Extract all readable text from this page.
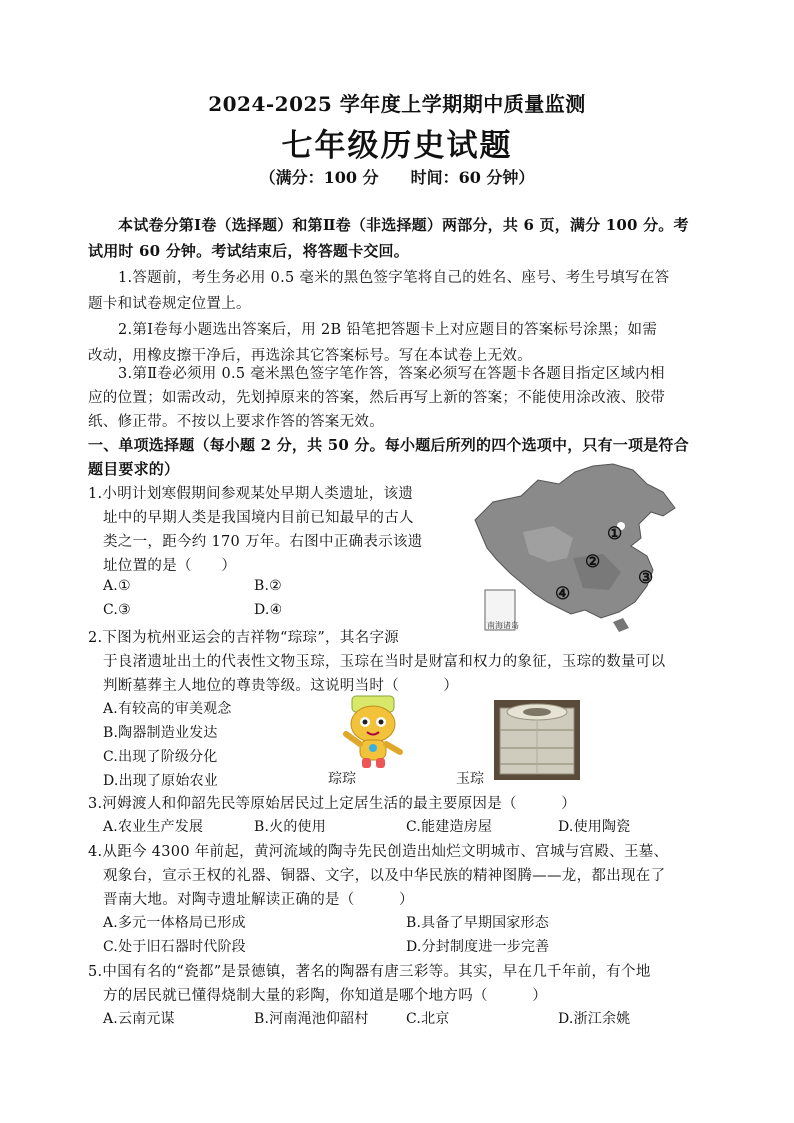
2024-2025 学年度上学期期中质量监测
七年级历史试题
（满分：100 分　　时间：60 分钟）
本试卷分第Ⅰ卷（选择题）和第Ⅱ卷（非选择题）两部分，共 6 页，满分 100 分。考
试用时 60 分钟。考试结束后，将答题卡交回。
1.答题前，考生务必用 0.5 毫米的黑色签字笔将自己的姓名、座号、考生号填写在答
题卡和试卷规定位置上。
2.第Ⅰ卷每小题选出答案后，用 2B 铅笔把答题卡上对应题目的答案标号涂黑；如需
改动，用橡皮擦干净后，再选涂其它答案标号。写在本试卷上无效。
3.第Ⅱ卷必须用 0.5 毫米黑色签字笔作答，答案必须写在答题卡各题目指定区域内相
应的位置；如需改动，先划掉原来的答案，然后再写上新的答案；不能使用涂改液、胶带
纸、修正带。不按以上要求作答的答案无效。
一、单项选择题（每小题 2 分，共 50 分。每小题后所列的四个选项中，只有一项是符合
题目要求的）
1.小明计划寒假期间参观某处早期人类遗址，该遗
址中的早期人类是我国境内目前已知最早的古人
类之一，距今约 170 万年。右图中正确表示该遗
址位置的是（　　）
A.①	B.②
C.③	D.④
①
②
③
④
南海诸岛
2.下图为杭州亚运会的吉祥物“琮琮”，其名字源
于良渚遗址出土的代表性文物玉琮，玉琮在当时是财富和权力的象征，玉琮的数量可以
判断墓葬主人地位的尊贵等级。这说明当时（　　　）
A.有较高的审美观念
B.陶器制造业发达
C.出现了阶级分化
D.出现了原始农业	琮琮	玉琮
3.河姆渡人和仰韶先民等原始居民过上定居生活的最主要原因是（　　　）
A.农业生产发展	B.火的使用	C.能建造房屋	D.使用陶瓷
4.从距今 4300 年前起，黄河流域的陶寺先民创造出灿烂文明城市、宫城与宫殿、王墓、
观象台，宣示王权的礼器、铜器、文字，以及中华民族的精神图腾——龙，都出现在了
晋南大地。对陶寺遗址解读正确的是（　　　）
A.多元一体格局已形成	B.具备了早期国家形态
C.处于旧石器时代阶段	D.分封制度进一步完善
5.中国有名的“瓷都”是景德镇，著名的陶器有唐三彩等。其实，早在几千年前，有个地
方的居民就已懂得烧制大量的彩陶，你知道是哪个地方吗（　　　）
A.云南元谋	B.河南渑池仰韶村	C.北京	D.浙江余姚
